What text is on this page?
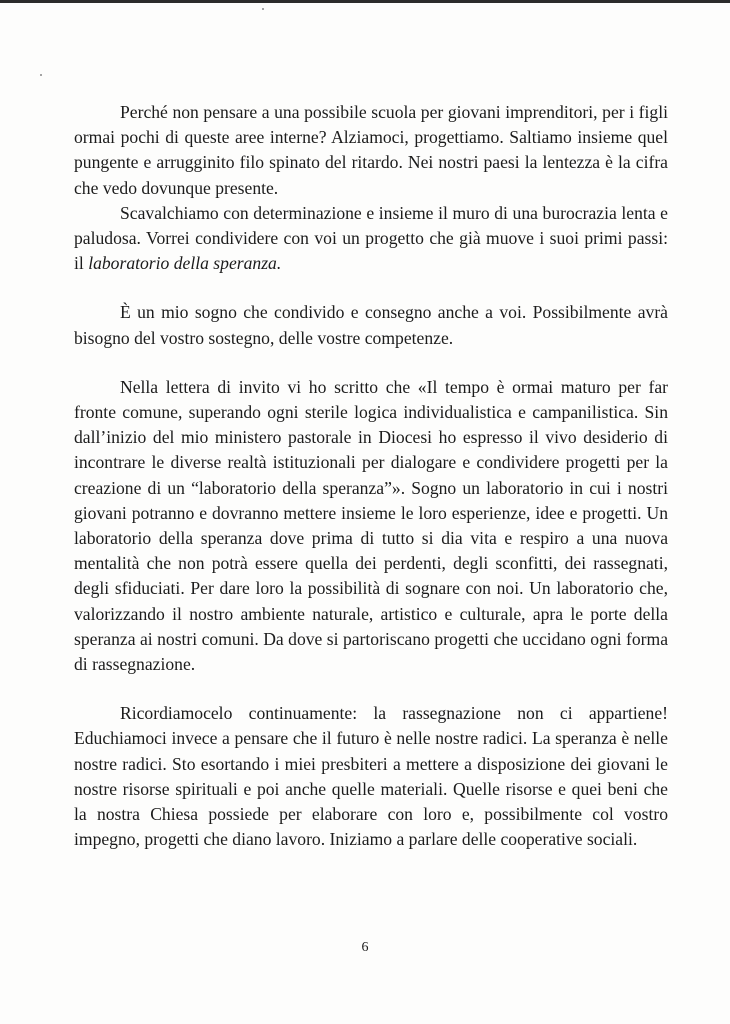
Perché non pensare a una possibile scuola per giovani imprenditori, per i figli ormai pochi di queste aree interne? Alziamoci, progettiamo. Saltiamo insieme quel pungente e arrugginito filo spinato del ritardo. Nei nostri paesi la lentezza è la cifra che vedo dovunque presente.

Scavalchiamo con determinazione e insieme il muro di una burocrazia lenta e paludosa. Vorrei condividere con voi un progetto che già muove i suoi primi passi: il laboratorio della speranza.

È un mio sogno che condivido e consegno anche a voi. Possibilmente avrà bisogno del vostro sostegno, delle vostre competenze.

Nella lettera di invito vi ho scritto che «Il tempo è ormai maturo per far fronte comune, superando ogni sterile logica individualistica e campanilistica. Sin dall’inizio del mio ministero pastorale in Diocesi ho espresso il vivo desiderio di incontrare le diverse realtà istituzionali per dialogare e condividere progetti per la creazione di un “laboratorio della speranza”». Sogno un laboratorio in cui i nostri giovani potranno e dovranno mettere insieme le loro esperienze, idee e progetti. Un laboratorio della speranza dove prima di tutto si dia vita e respiro a una nuova mentalità che non potrà essere quella dei perdenti, degli sconfitti, dei rassegnati, degli sfiduciati. Per dare loro la possibilità di sognare con noi. Un laboratorio che, valorizzando il nostro ambiente naturale, artistico e culturale, apra le porte della speranza ai nostri comuni. Da dove si partoriscano progetti che uccidano ogni forma di rassegnazione.

Ricordiamocelo continuamente: la rassegnazione non ci appartiene! Educhiamoci invece a pensare che il futuro è nelle nostre radici. La speranza è nelle nostre radici. Sto esortando i miei presbiteri a mettere a disposizione dei giovani le nostre risorse spirituali e poi anche quelle materiali. Quelle risorse e quei beni che la nostra Chiesa possiede per elaborare con loro e, possibilmente col vostro impegno, progetti che diano lavoro. Iniziamo a parlare delle cooperative sociali.

6
